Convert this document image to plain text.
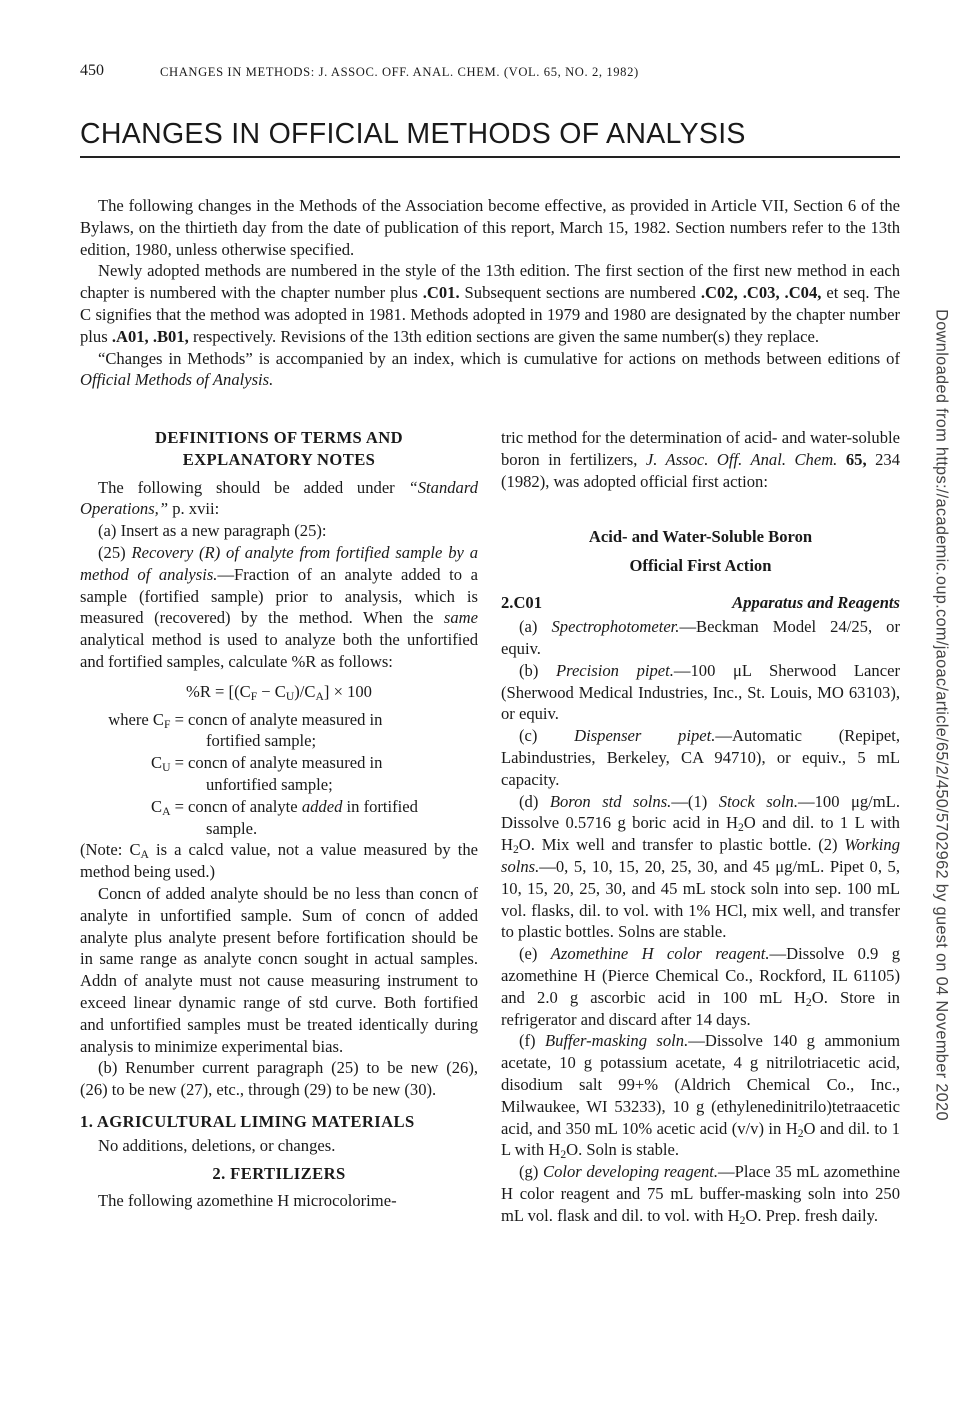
450	CHANGES IN METHODS: J. ASSOC. OFF. ANAL. CHEM. (VOL. 65, NO. 2, 1982)
CHANGES IN OFFICIAL METHODS OF ANALYSIS

The following changes in the Methods of the Association become effective, as provided in Article VII, Section 6 of the Bylaws, on the thirtieth day from the date of publication of this report, March 15, 1982. Section numbers refer to the 13th edition, 1980, unless otherwise specified.

Newly adopted methods are numbered in the style of the 13th edition. The first section of the first new method in each chapter is numbered with the chapter number plus .C01. Subsequent sections are numbered .C02, .C03, .C04, et seq. The C signifies that the method was adopted in 1981. Methods adopted in 1979 and 1980 are designated by the chapter number plus .A01, .B01, respectively. Revisions of the 13th edition sections are given the same number(s) they replace.

“Changes in Methods” is accompanied by an index, which is cumulative for actions on methods between editions of Official Methods of Analysis.

DEFINITIONS OF TERMS AND
EXPLANATORY NOTES

The following should be added under “Standard Operations,” p. xvii:

(a) Insert as a new paragraph (25):

(25) Recovery (R) of analyte from fortified sample by a method of analysis.—Fraction of an analyte added to a sample (fortified sample) prior to analysis, which is measured (recovered) by the method. When the same analytical method is used to analyze both the unfortified and fortified samples, calculate %R as follows:

$\%R = [(C_F - C_U)/C_A] \times 100$
where $C_F$ = concn of analyte measured in
fortified sample;
$C_U$ = concn of analyte measured in
unfortified sample;
$C_A$ = concn of analyte added in fortified
sample.

(Note: $C_A$ is a calcd value, not a value measured by the method being used.)

Concn of added analyte should be no less than concn of analyte in unfortified sample. Sum of concn of added analyte plus analyte present before fortification should be in same range as analyte concn sought in actual samples. Addn of analyte must not cause measuring instrument to exceed linear dynamic range of std curve. Both fortified and unfortified samples must be treated identically during analysis to minimize experimental bias.

(b) Renumber current paragraph (25) to be new (26), (26) to be new (27), etc., through (29) to be new (30).

1. AGRICULTURAL LIMING MATERIALS

No additions, deletions, or changes.

2. FERTILIZERS

The following azomethine H microcolorime-

tric method for the determination of acid- and water-soluble boron in fertilizers, J. Assoc. Off. Anal. Chem. 65, 234 (1982), was adopted official first action:

Acid- and Water-Soluble Boron
Official First Action
2.C01	Apparatus and Reagents

(a) Spectrophotometer.—Beckman Model 24/25, or equiv.

(b) Precision pipet.—100 μL Sherwood Lancer (Sherwood Medical Industries, Inc., St. Louis, MO 63103), or equiv.

(c) Dispenser pipet.—Automatic (Repipet, Labindustries, Berkeley, CA 94710), or equiv., 5 mL capacity.

(d) Boron std solns.—(1) Stock soln.—100 μg/mL. Dissolve 0.5716 g boric acid in $H_2O$ and dil. to 1 L with $H_2O$. Mix well and transfer to plastic bottle. (2) Working solns.—0, 5, 10, 15, 20, 25, 30, and 45 μg/mL. Pipet 0, 5, 10, 15, 20, 25, 30, and 45 mL stock soln into sep. 100 mL vol. flasks, dil. to vol. with 1% HCl, mix well, and transfer to plastic bottles. Solns are stable.

(e) Azomethine H color reagent.—Dissolve 0.9 g azomethine H (Pierce Chemical Co., Rockford, IL 61105) and 2.0 g ascorbic acid in 100 mL $H_2O$. Store in refrigerator and discard after 14 days.

(f) Buffer-masking soln.—Dissolve 140 g ammonium acetate, 10 g potassium acetate, 4 g nitrilotriacetic acid, disodium salt 99+% (Aldrich Chemical Co., Inc., Milwaukee, WI 53233), 10 g (ethylenedinitrilo)tetraacetic acid, and 350 mL 10% acetic acid (v/v) in $H_2O$ and dil. to 1 L with $H_2O$. Soln is stable.

(g) Color developing reagent.—Place 35 mL azomethine H color reagent and 75 mL buffer-masking soln into 250 mL vol. flask and dil. to vol. with $H_2O$. Prep. fresh daily.

Downloaded from https://academic.oup.com/jaoac/article/65/2/450/5702962 by guest on 04 November 2020
